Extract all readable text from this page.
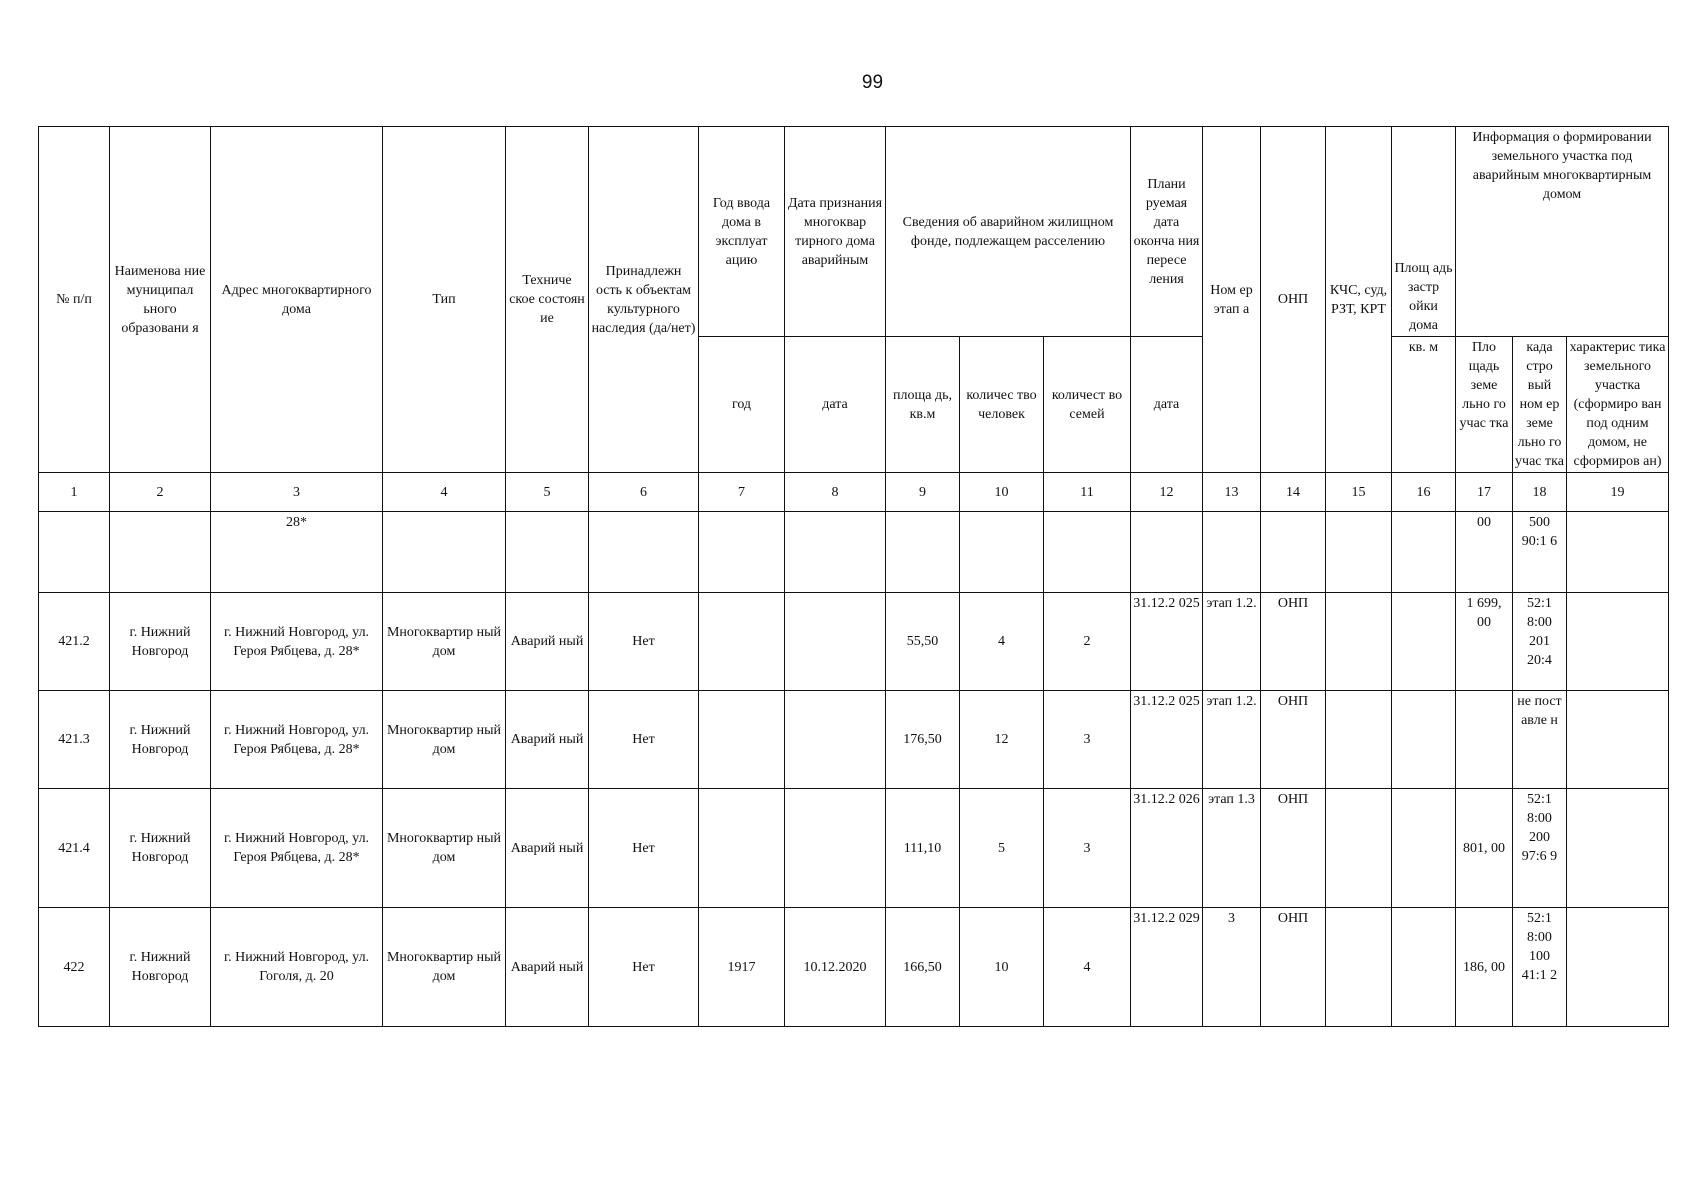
99
№ п/п	Наименова ние муниципал ьного образовани я	Адрес многоквартирного дома	Тип	Техниче ское состоян ие	Принадлежн ость к объектам культурного наследия (да/нет)	Год ввода дома в эксплуат ацию	Дата признания многоквар тирного дома аварийным	Сведения об аварийном жилищном фонде, подлежащем расселению			Плани руемая дата оконча ния пересе ления	Ном ер этап а	ОНП	КЧС, суд, РЗТ, КРТ	Площ адь застр ойки дома	Информация о формировании земельного участка под аварийным многоквартирным домом		
						год	дата	площа дь, кв.м	количес тво человек	количест во семей	дата				кв. м	Пло щадь земе льно го учас тка	када стро вый ном ер земе льно го учас тка	характерис тика земельного участка (сформиро ван под одним домом, не сформиров ан)
1	2	3	4	5	6	7	8	9	10	11	12	13	14	15	16	17	18	19
		28*														00	500 90:1 6	
421.2	г. Нижний Новгород	г. Нижний Новгород, ул. Героя Рябцева, д. 28*	Многоквартир ный дом	Аварий ный	Нет			55,50	4	2	31.12.2 025	этап 1.2.	ОНП			1 699, 00	52:1 8:00 201 20:4	
421.3	г. Нижний Новгород	г. Нижний Новгород, ул. Героя Рябцева, д. 28*	Многоквартир ный дом	Аварий ный	Нет			176,50	12	3	31.12.2 025	этап 1.2.	ОНП				не пост авле н	
421.4	г. Нижний Новгород	г. Нижний Новгород, ул. Героя Рябцева, д. 28*	Многоквартир ный дом	Аварий ный	Нет			111,10	5	3	31.12.2 026	этап 1.3	ОНП			801, 00	52:1 8:00 200 97:6 9	
422	г. Нижний Новгород	г. Нижний Новгород, ул. Гоголя, д. 20	Многоквартир ный дом	Аварий ный	Нет	1917	10.12.2020	166,50	10	4	31.12.2 029	3	ОНП			186, 00	52:1 8:00 100 41:1 2	
